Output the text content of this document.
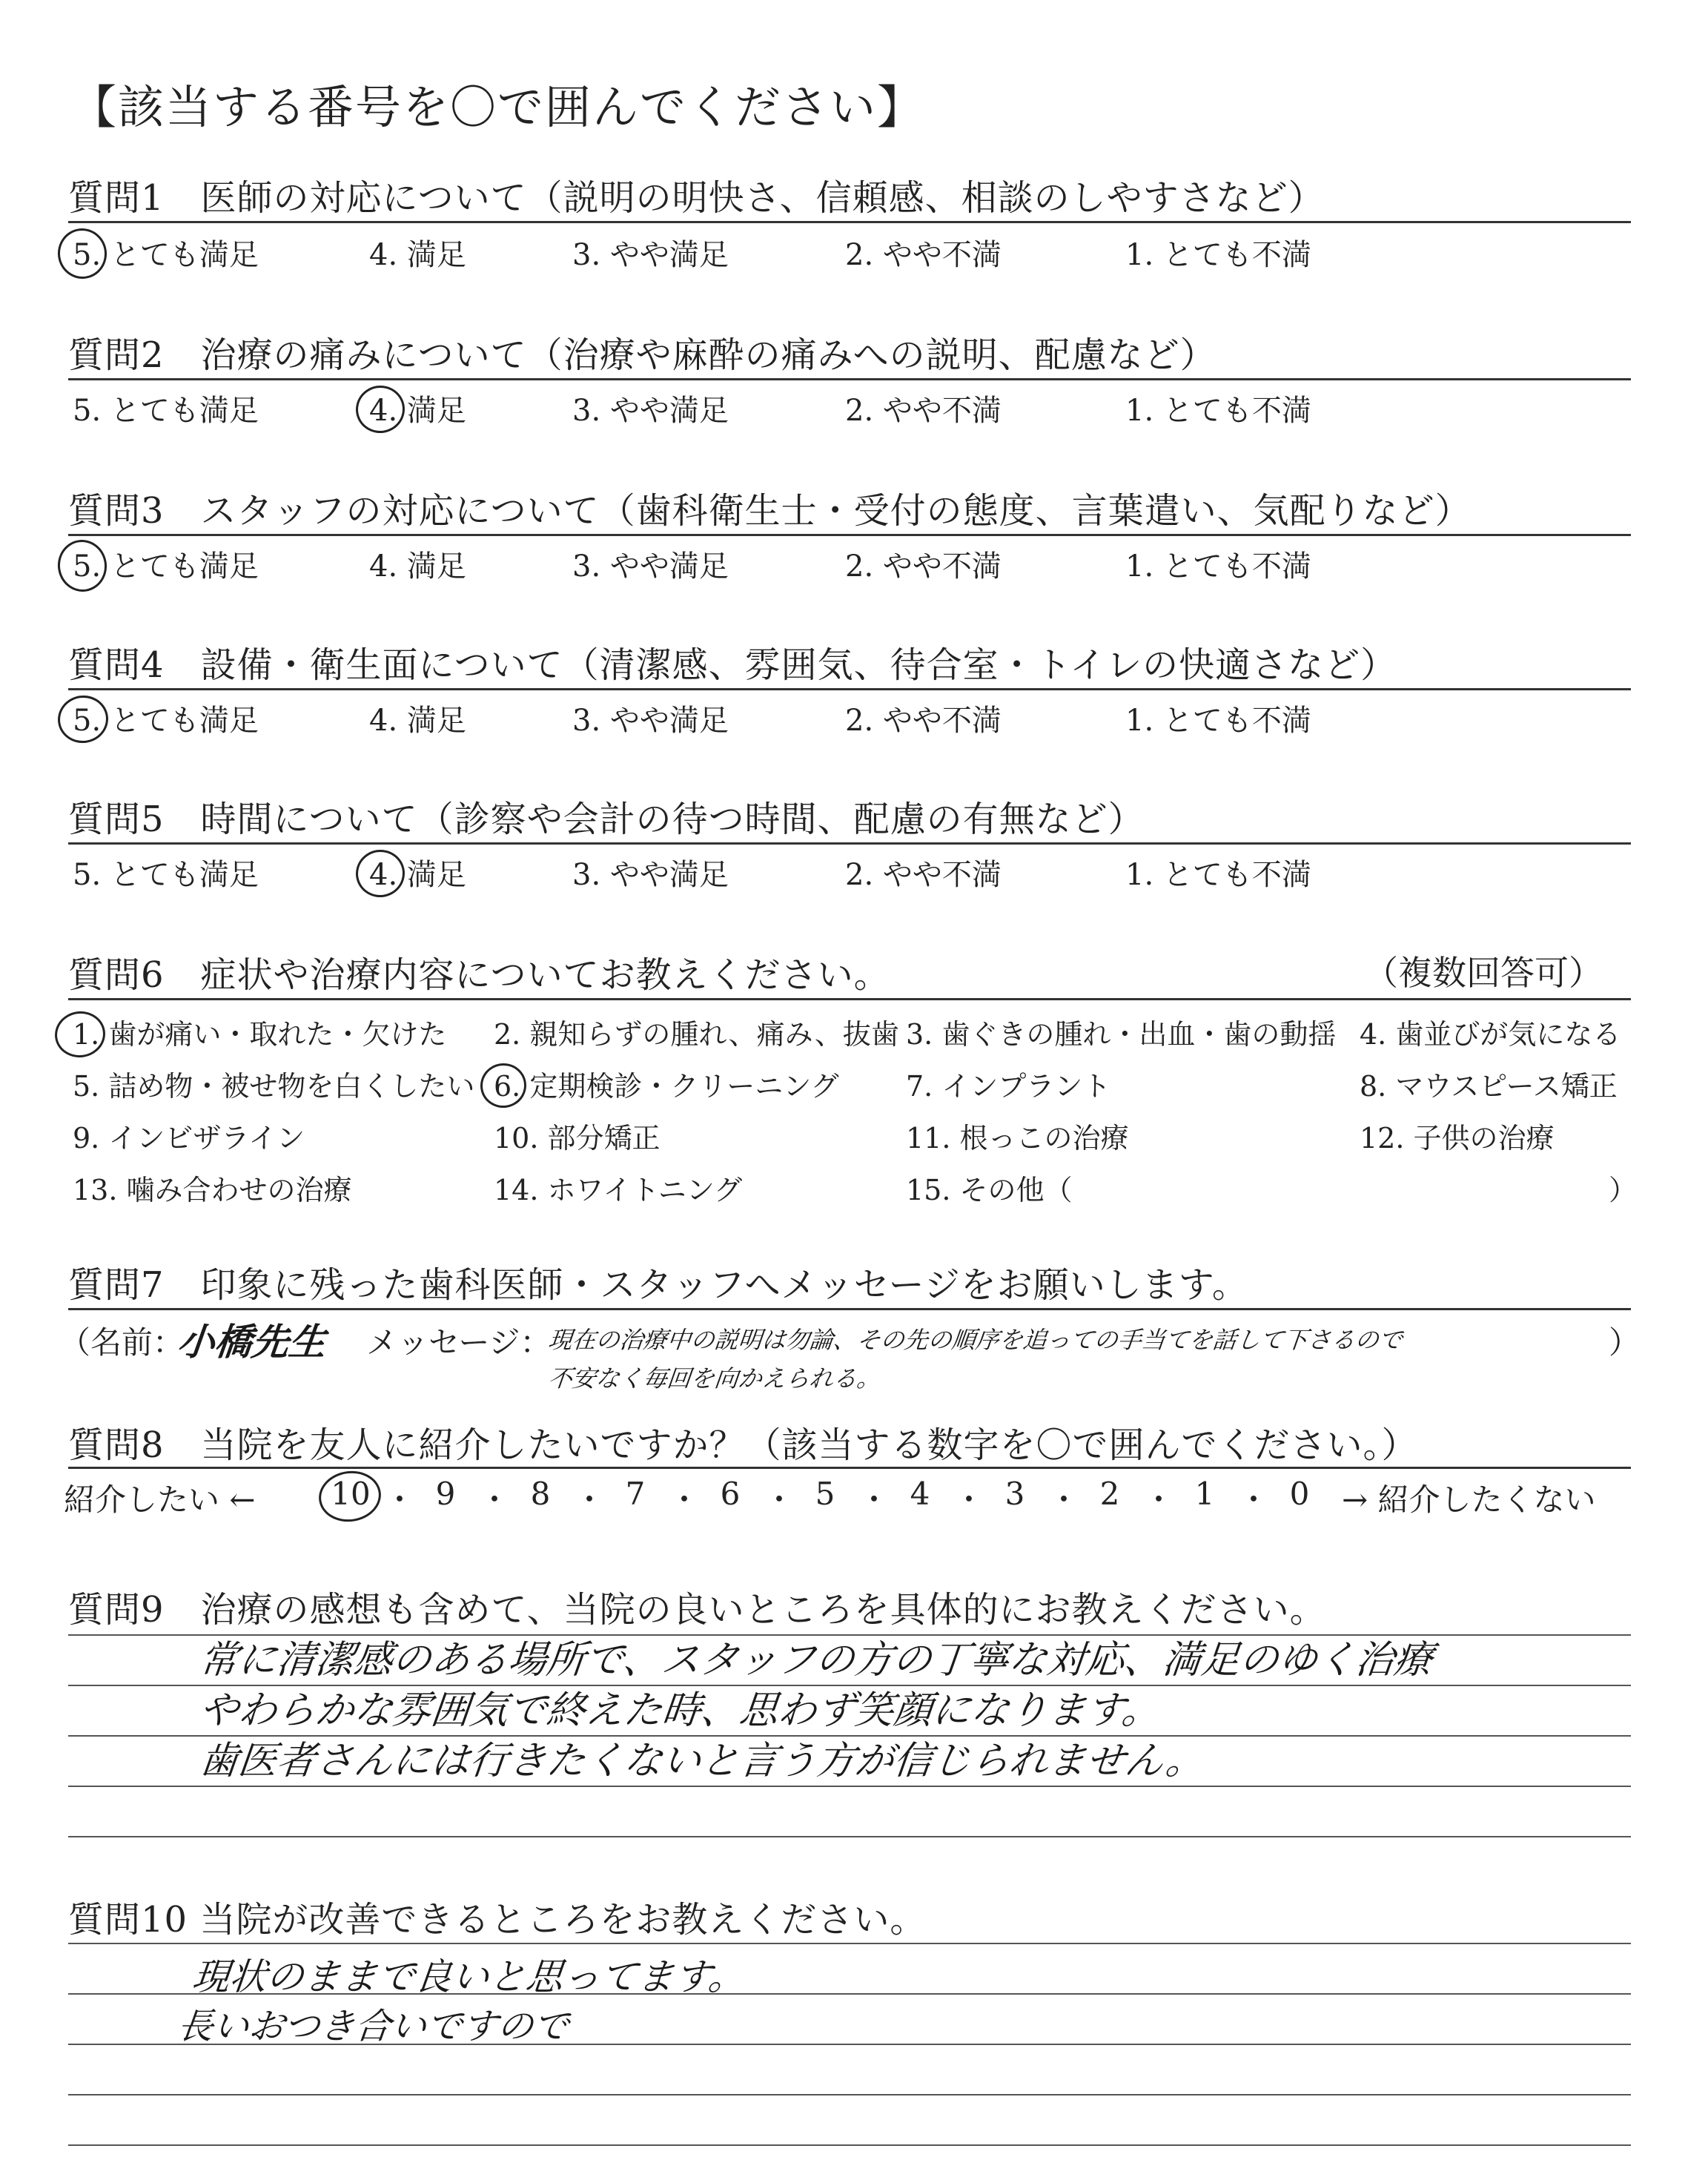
【該当する番号を〇で囲んでください】
質問1　医師の対応について（説明の明快さ、信頼感、相談のしやすさなど）
5. とても満足	4. 満足	3. やや満足	2. やや不満	1. とても不満
質問2　治療の痛みについて（治療や麻酔の痛みへの説明、配慮など）
5. とても満足	4. 満足	3. やや満足	2. やや不満	1. とても不満
質問3　スタッフの対応について（歯科衛生士・受付の態度、言葉遣い、気配りなど）
5. とても満足	4. 満足	3. やや満足	2. やや不満	1. とても不満
質問4　設備・衛生面について（清潔感、雰囲気、待合室・トイレの快適さなど）
5. とても満足	4. 満足	3. やや満足	2. やや不満	1. とても不満
質問5　時間について（診察や会計の待つ時間、配慮の有無など）
5. とても満足	4. 満足	3. やや満足	2. やや不満	1. とても不満
質問6　症状や治療内容についてお教えください。	（複数回答可）
1. 歯が痛い・取れた・欠けた 2. 親知らずの腫れ、痛み、抜歯 3. 歯ぐきの腫れ・出血・歯の動揺 4. 歯並びが気になる
5. 詰め物・被せ物を白くしたい 6. 定期検診・クリーニング 7. インプラント	8. マウスピース矯正
9. インビザライン	10. 部分矯正	11. 根っこの治療	12. 子供の治療
13. 噛み合わせの治療	14. ホワイトニング	15. その他（	）
質問7　印象に残った歯科医師・スタッフへメッセージをお願いします。
（名前：
小橋先生 メッセージ：
現在の治療中の説明は勿論、その先の順序を追っての手当てを話して下さるので	）
不安なく毎回を向かえられる。
質問8　当院を友人に紹介したいですか？（該当する数字を〇で囲んでください。）
紹介したい ← 10 ・ 9 ・ 8 ・ 7 ・ 6 ・ 5 ・ 4 ・ 3 ・ 2 ・ 1 ・ 0	→ 紹介したくない
質問9　治療の感想も含めて、当院の良いところを具体的にお教えください。
常に清潔感のある場所で、スタッフの方の丁寧な対応、満足のゆく治療
やわらかな雰囲気で終えた時、思わず笑顔になります。
歯医者さんには行きたくないと言う方が信じられません。
質問10 当院が改善できるところをお教えください。
現状のままで良いと思ってます。
長いおつき合いですので
